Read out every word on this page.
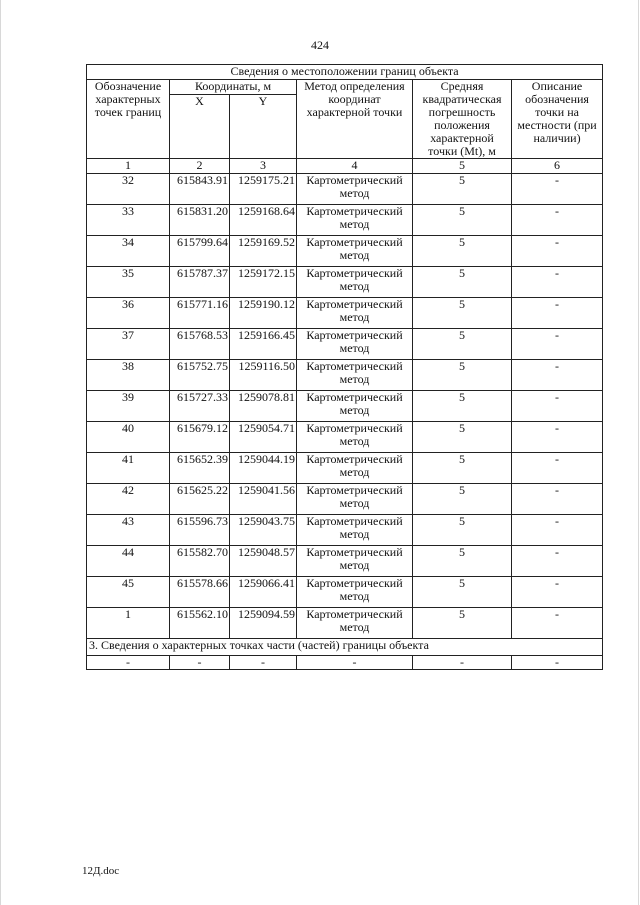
424
Сведения о местоположении границ объекта					
Обозначение характерных точек границ	Координаты, м		Метод определения координат характерной точки	Средняя квадратическая погрешность положения характерной точки (Mt), м	Описание обозначения точки на местности (при наличии)
	X	Y			
1	2	3	4	5	6
32	615843.91	1259175.21	Картометрический метод	5	-
33	615831.20	1259168.64	Картометрический метод	5	-
34	615799.64	1259169.52	Картометрический метод	5	-
35	615787.37	1259172.15	Картометрический метод	5	-
36	615771.16	1259190.12	Картометрический метод	5	-
37	615768.53	1259166.45	Картометрический метод	5	-
38	615752.75	1259116.50	Картометрический метод	5	-
39	615727.33	1259078.81	Картометрический метод	5	-
40	615679.12	1259054.71	Картометрический метод	5	-
41	615652.39	1259044.19	Картометрический метод	5	-
42	615625.22	1259041.56	Картометрический метод	5	-
43	615596.73	1259043.75	Картометрический метод	5	-
44	615582.70	1259048.57	Картометрический метод	5	-
45	615578.66	1259066.41	Картометрический метод	5	-
1	615562.10	1259094.59	Картометрический метод	5	-
3. Сведения о характерных точках части (частей) границы объекта					
-	-	-	-	-	-
12Д.doc
